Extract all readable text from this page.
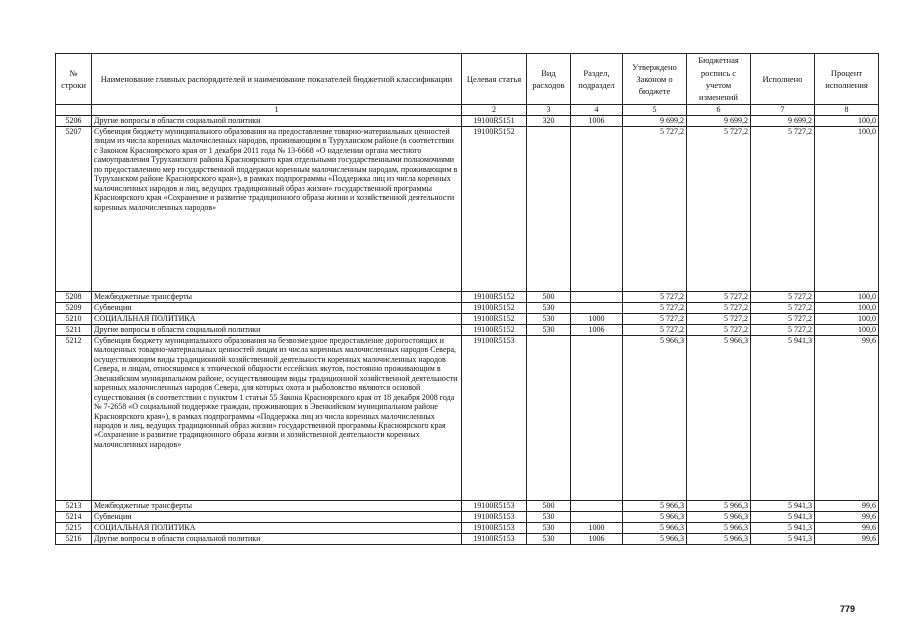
№ строки	Наименование главных распорядителей и наименование показателей бюджетной классификации	Целевая статья	Вид расходов	Раздел, подраздел	Утверждено Законом о бюджете	Бюджетная роспись с учетом изменений	Исполнено	Процент исполнения
	1	2	3	4	5	6	7	8
5206	Другие вопросы в области социальной политики	19100R5151	320	1006	9 699,2	9 699,2	9 699,2	100,0
5207	Субвенция бюджету муниципального образования на предоставление товарно-материальных ценностей лицам из числа коренных малочисленных народов, проживающим в Туруханском районе (в соответствии с Законом Красноярского края от 1 декабря 2011 года № 13-6668 «О наделении органа местного самоуправления Туруханского района Красноярского края отдельными государственными полномочиями по предоставлению мер государственной поддержки коренным малочисленным народам, проживающим в Туруханском районе Красноярского края»), в рамках подпрограммы «Поддержка лиц из числа коренных малочисленных народов и лиц, ведущих традиционный образ жизни» государственной программы Красноярского края «Сохранение и развитие традиционного образа жизни и хозяйственной деятельности коренных малочисленных народов»	19100R5152			5 727,2	5 727,2	5 727,2	100,0
5208	Межбюджетные трансферты	19100R5152	500		5 727,2	5 727,2	5 727,2	100,0
5209	Субвенции	19100R5152	530		5 727,2	5 727,2	5 727,2	100,0
5210	СОЦИАЛЬНАЯ ПОЛИТИКА	19100R5152	530	1000	5 727,2	5 727,2	5 727,2	100,0
5211	Другие вопросы в области социальной политики	19100R5152	530	1006	5 727,2	5 727,2	5 727,2	100,0
5212	Субвенция бюджету муниципального образования на безвозмездное предоставление дорогостоящих и малоценных товарно-материальных ценностей лицам из числа коренных малочисленных народов Севера, осуществляющим виды традиционной хозяйственной деятельности коренных малочисленных народов Севера, и лицам, относящимся к этнической общности ессейских якутов, постоянно проживающим в Эвенкийском муниципальном районе, осуществляющим виды традиционной хозяйственной деятельности коренных малочисленных народов Севера, для которых охота и рыболовство являются основой существования (в соответствии с пунктом 1 статьи 55 Закона Красноярского края от 18 декабря 2008 года № 7-2658 «О социальной поддержке граждан, проживающих в Эвенкийском муниципальном районе Красноярского края»), в рамках подпрограммы «Поддержка лиц из числа коренных малочисленных народов и лиц, ведущих традиционный образ жизни» государственной программы Красноярского края «Сохранение и развитие традиционного образа жизни и хозяйственной деятельности коренных малочисленных народов»	19100R5153			5 966,3	5 966,3	5 941,3	99,6
5213	Межбюджетные трансферты	19100R5153	500		5 966,3	5 966,3	5 941,3	99,6
5214	Субвенции	19100R5153	530		5 966,3	5 966,3	5 941,3	99,6
5215	СОЦИАЛЬНАЯ ПОЛИТИКА	19100R5153	530	1000	5 966,3	5 966,3	5 941,3	99,6
5216	Другие вопросы в области социальной политики	19100R5153	530	1006	5 966,3	5 966,3	5 941,3	99,6
779
